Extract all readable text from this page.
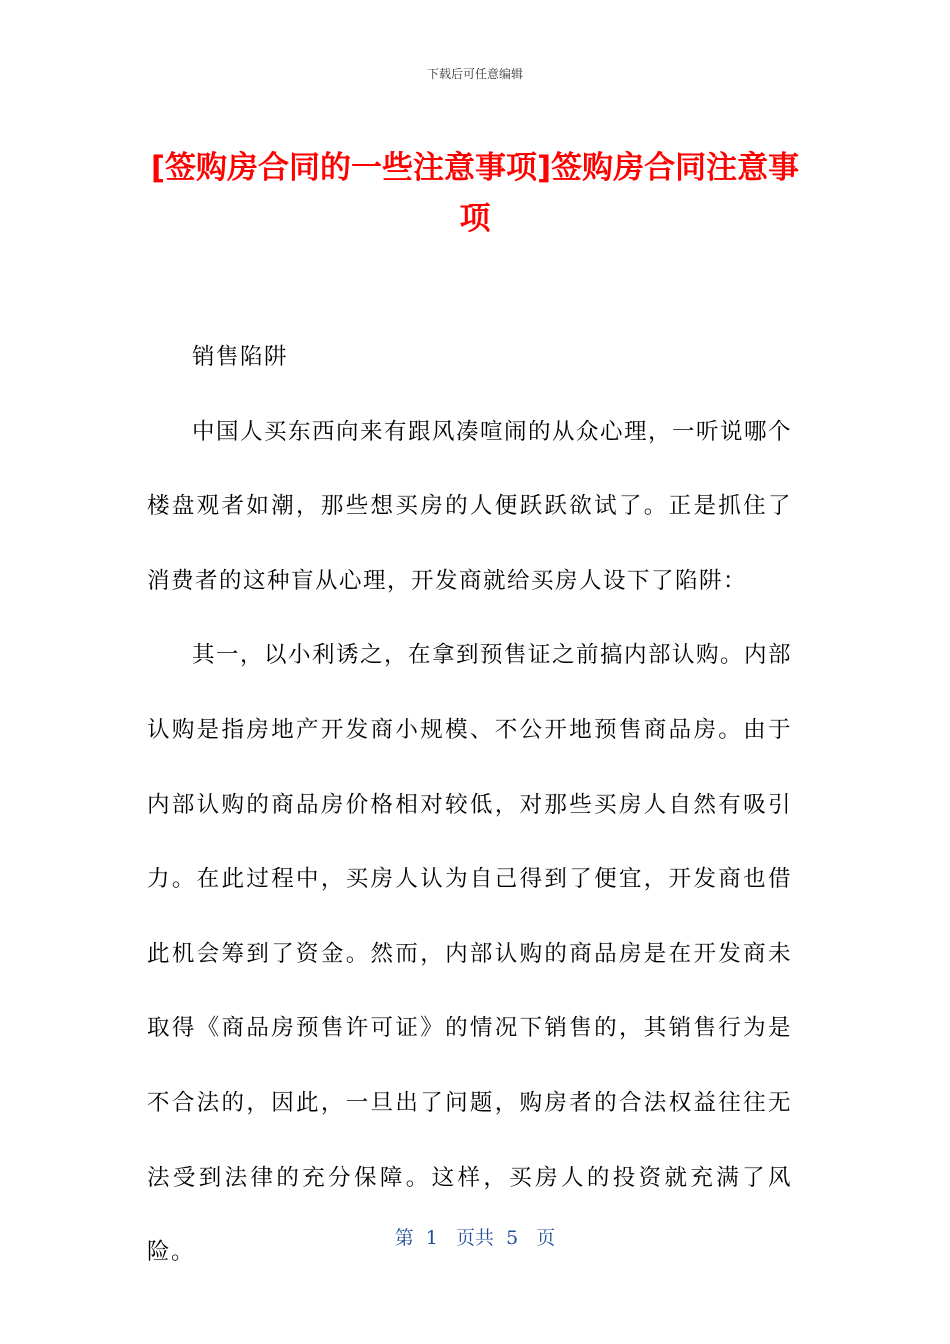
下载后可任意编辑
[签购房合同的一些注意事项]签购房合同注意事项

销售陷阱

中国人买东西向来有跟风凑喧闹的从众心理，一听说哪个楼盘观者如潮，那些想买房的人便跃跃欲试了。正是抓住了消费者的这种盲从心理，开发商就给买房人设下了陷阱：

其一，以小利诱之，在拿到预售证之前搞内部认购。内部认购是指房地产开发商小规模、不公开地预售商品房。由于内部认购的商品房价格相对较低，对那些买房人自然有吸引力。在此过程中，买房人认为自己得到了便宜，开发商也借此机会筹到了资金。然而，内部认购的商品房是在开发商未取得《商品房预售许可证》的情况下销售的，其销售行为是不合法的，因此，一旦出了问题，购房者的合法权益往往无法受到法律的充分保障。这样，买房人的投资就充满了风险。

第  1   页共  5   页
